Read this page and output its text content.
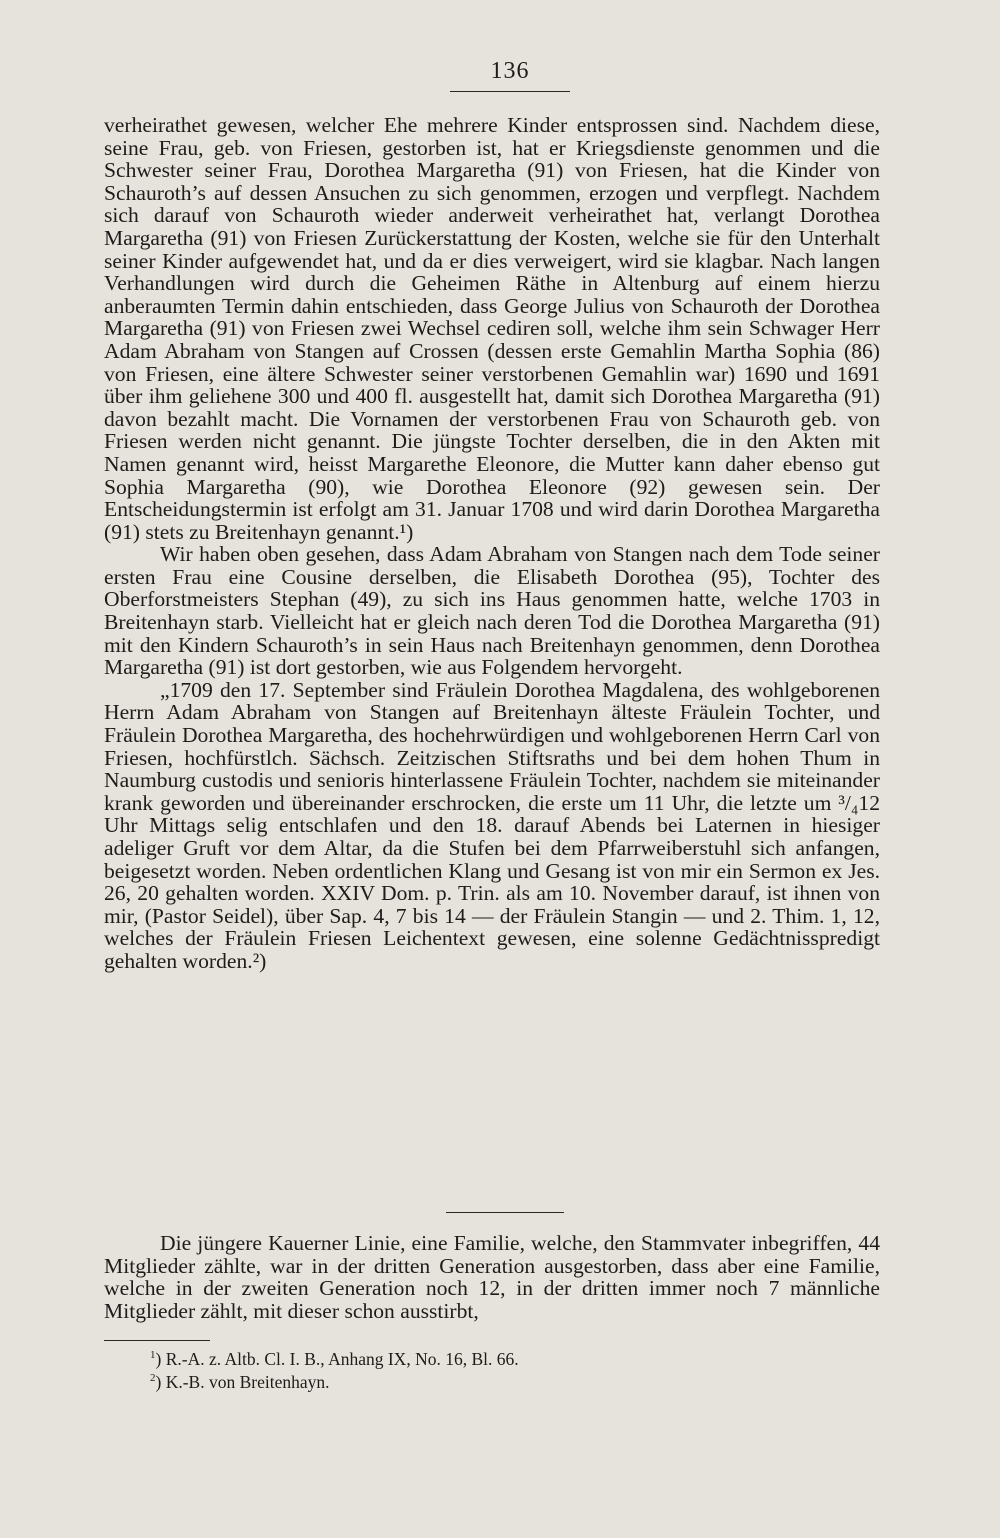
136

verheirathet gewesen, welcher Ehe mehrere Kinder entsprossen sind. Nachdem diese, seine Frau, geb. von Friesen, gestorben ist, hat er Kriegsdienste genommen und die Schwester seiner Frau, Dorothea Margaretha (91) von Friesen, hat die Kinder von Schauroth’s auf dessen Ansuchen zu sich genommen, erzogen und verpflegt. Nachdem sich darauf von Schauroth wieder anderweit verheirathet hat, verlangt Dorothea Margaretha (91) von Friesen Zurückerstattung der Kosten, welche sie für den Unterhalt seiner Kinder aufgewendet hat, und da er dies verweigert, wird sie klagbar. Nach langen Verhandlungen wird durch die Geheimen Räthe in Altenburg auf einem hierzu anberaumten Termin dahin entschieden, dass George Julius von Schauroth der Dorothea Margaretha (91) von Friesen zwei Wechsel cediren soll, welche ihm sein Schwager Herr Adam Abraham von Stangen auf Crossen (dessen erste Gemahlin Martha Sophia (86) von Friesen, eine ältere Schwester seiner verstorbenen Gemahlin war) 1690 und 1691 über ihm geliehene 300 und 400 fl. ausgestellt hat, damit sich Dorothea Margaretha (91) davon bezahlt macht. Die Vornamen der verstorbenen Frau von Schauroth geb. von Friesen werden nicht genannt. Die jüngste Tochter derselben, die in den Akten mit Namen genannt wird, heisst Margarethe Eleonore, die Mutter kann daher ebenso gut Sophia Margaretha (90), wie Dorothea Eleonore (92) gewesen sein. Der Entscheidungstermin ist erfolgt am 31. Januar 1708 und wird darin Dorothea Margaretha (91) stets zu Breitenhayn genannt.¹)

Wir haben oben gesehen, dass Adam Abraham von Stangen nach dem Tode seiner ersten Frau eine Cousine derselben, die Elisabeth Dorothea (95), Tochter des Oberforstmeisters Stephan (49), zu sich ins Haus genommen hatte, welche 1703 in Breitenhayn starb. Vielleicht hat er gleich nach deren Tod die Dorothea Margaretha (91) mit den Kindern Schauroth’s in sein Haus nach Breitenhayn genommen, denn Dorothea Margaretha (91) ist dort gestorben, wie aus Folgendem hervorgeht.

„1709 den 17. September sind Fräulein Dorothea Magdalena, des wohlgeborenen Herrn Adam Abraham von Stangen auf Breitenhayn älteste Fräulein Tochter, und Fräulein Dorothea Margaretha, des hochehrwürdigen und wohlgeborenen Herrn Carl von Friesen, hochfürstlch. Sächsch. Zeitzischen Stiftsraths und bei dem hohen Thum in Naumburg custodis und senioris hinterlassene Fräulein Tochter, nachdem sie miteinander krank geworden und übereinander erschrocken, die erste um 11 Uhr, die letzte um ³/₄12 Uhr Mittags selig entschlafen und den 18. darauf Abends bei Laternen in hiesiger adeliger Gruft vor dem Altar, da die Stufen bei dem Pfarrweiberstuhl sich anfangen, beigesetzt worden. Neben ordentlichen Klang und Gesang ist von mir ein Sermon ex Jes. 26, 20 gehalten worden. XXIV Dom. p. Trin. als am 10. November darauf, ist ihnen von mir, (Pastor Seidel), über Sap. 4, 7 bis 14 — der Fräulein Stangin — und 2. Thim. 1, 12, welches der Fräulein Friesen Leichentext gewesen, eine solenne Gedächtnisspredigt gehalten worden.²)

Die jüngere Kauerner Linie, eine Familie, welche, den Stammvater inbegriffen, 44 Mitglieder zählte, war in der dritten Generation ausgestorben, dass aber eine Familie, welche in der zweiten Generation noch 12, in der dritten immer noch 7 männliche Mitglieder zählt, mit dieser schon ausstirbt,

$^1$) R.-A. z. Altb. Cl. I. B., Anhang IX, No. 16, Bl. 66.
$^2$) K.-B. von Breitenhayn.
